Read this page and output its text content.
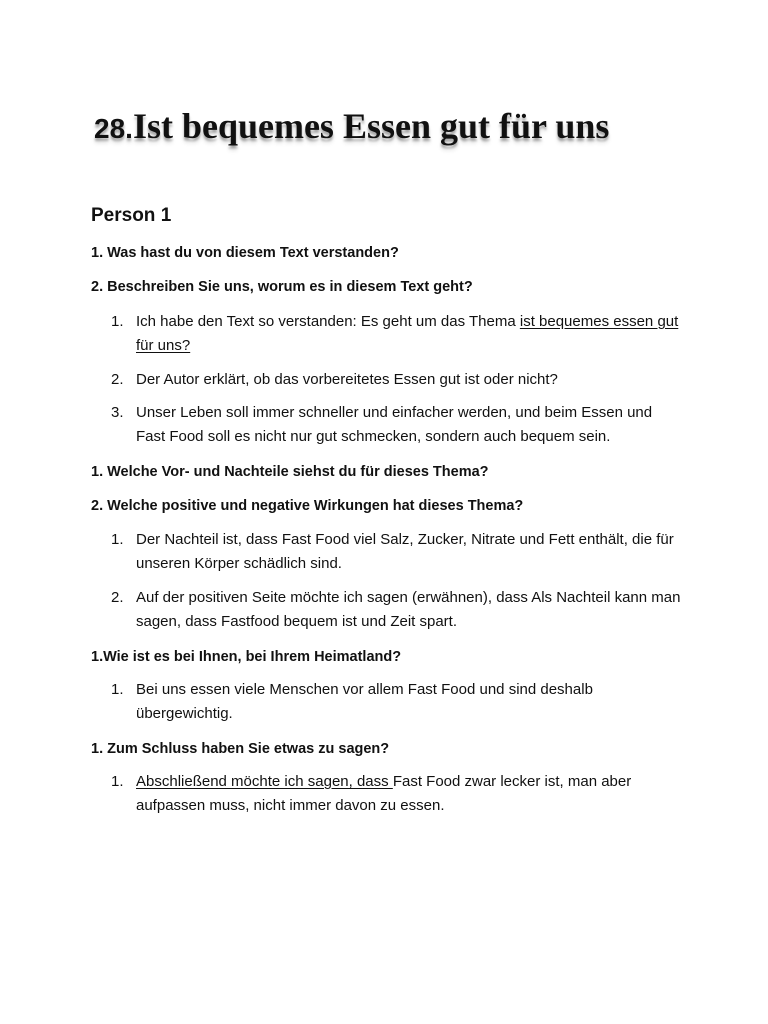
28.Ist bequemes Essen gut für uns
Person 1
1. Was hast du von diesem Text verstanden?
2. Beschreiben Sie uns, worum es in diesem Text geht?
1. Ich habe den Text so verstanden: Es geht um das Thema ist bequemes essen gut für uns?
2. Der Autor erklärt, ob das vorbereitetes Essen gut ist oder nicht?
3. Unser Leben soll immer schneller und einfacher werden, und beim Essen und Fast Food soll es nicht nur gut schmecken, sondern auch bequem sein.
1. Welche Vor- und Nachteile siehst du für dieses Thema?
2. Welche positive und negative Wirkungen hat dieses Thema?
1. Der Nachteil ist, dass Fast Food viel Salz, Zucker, Nitrate und Fett enthält, die für unseren Körper schädlich sind.
2. Auf der positiven Seite möchte ich sagen (erwähnen), dass Als Nachteil kann man sagen, dass Fastfood bequem ist und Zeit spart.
1.Wie ist es bei Ihnen, bei Ihrem Heimatland?
1. Bei uns essen viele Menschen vor allem Fast Food und sind deshalb übergewichtig.
1. Zum Schluss haben Sie etwas zu sagen?
1. Abschließend möchte ich sagen, dass Fast Food zwar lecker ist, man aber aufpassen muss, nicht immer davon zu essen.
